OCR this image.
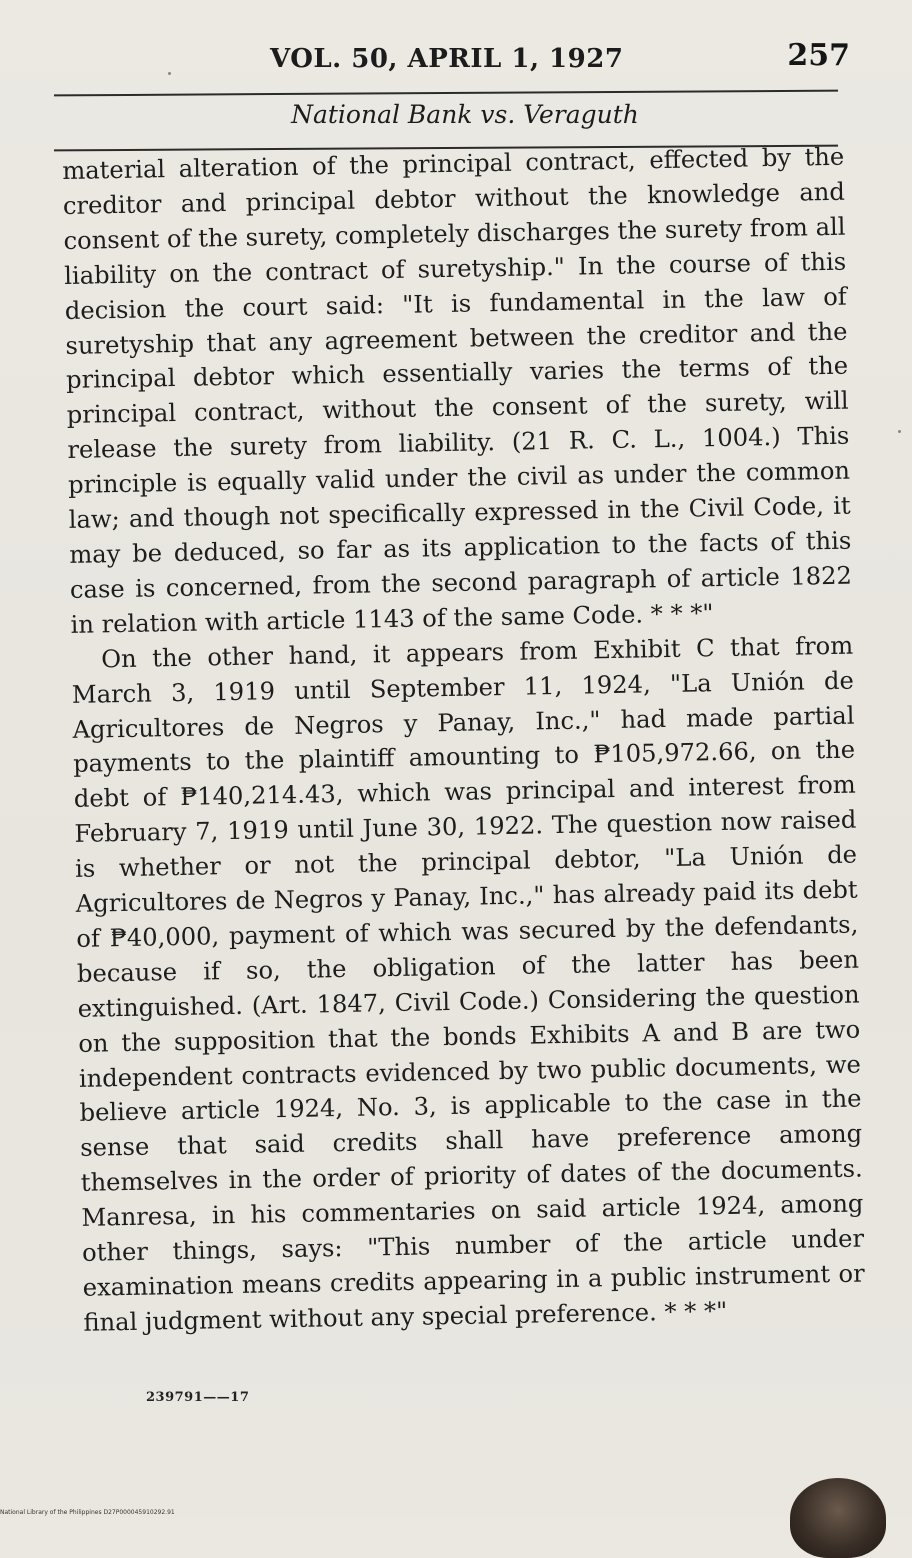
VOL. 50, APRIL 1, 1927	257
National Bank vs. Veraguth

material alteration of the principal contract, effected by the creditor and principal debtor without the knowledge and consent of the surety, completely discharges the surety from all liability on the contract of suretyship." In the course of this decision the court said: "It is fundamental in the law of suretyship that any agreement between the creditor and the principal debtor which essentially varies the terms of the principal contract, without the consent of the surety, will release the surety from liability. (21 R. C. L., 1004.) This principle is equally valid under the civil as under the common law; and though not specifically expressed in the Civil Code, it may be deduced, so far as its application to the facts of this case is concerned, from the second paragraph of article 1822 in relation with article 1143 of the same Code. * * *"

On the other hand, it appears from Exhibit C that from March 3, 1919 until September 11, 1924, "La Unión de Agricultores de Negros y Panay, Inc.," had made partial payments to the plaintiff amounting to ₱105,972.66, on the debt of ₱140,214.43, which was principal and interest from February 7, 1919 until June 30, 1922. The question now raised is whether or not the principal debtor, "La Unión de Agricultores de Negros y Panay, Inc.," has already paid its debt of ₱40,000, payment of which was secured by the defendants, because if so, the obligation of the latter has been extinguished. (Art. 1847, Civil Code.) Considering the question on the supposition that the bonds Exhibits A and B are two independent contracts evidenced by two public documents, we believe article 1924, No. 3, is applicable to the case in the sense that said credits shall have preference among themselves in the order of priority of dates of the documents. Manresa, in his commentaries on said article 1924, among other things, says: "This number of the article under examination means credits appearing in a public instrument or final judgment without any special preference. * * *"

239791——17
National Library of the Philippines D27P000045910292.91
